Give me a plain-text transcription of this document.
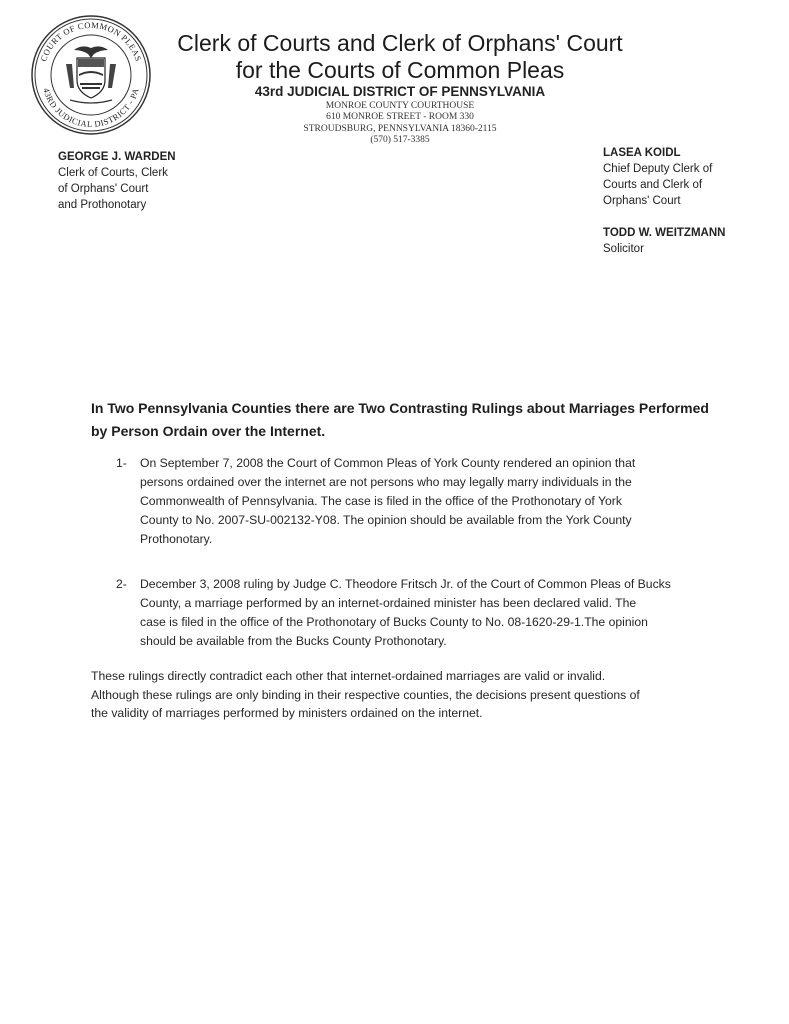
COURT OF COMMON PLEAS
43RD JUDICIAL DISTRICT - PA
Clerk of Courts and Clerk of Orphans' Court
for the Courts of Common Pleas
43rd JUDICIAL DISTRICT OF PENNSYLVANIA
MONROE COUNTY COURTHOUSE
610 MONROE STREET - ROOM 330
STROUDSBURG, PENNSYLVANIA 18360-2115
(570) 517-3385
GEORGE J. WARDEN
Clerk of Courts, Clerk
of Orphans' Court
and Prothonotary
LASEA KOIDL
Chief Deputy Clerk of
Courts and Clerk of
Orphans' Court
TODD W. WEITZMANN
Solicitor
In Two Pennsylvania Counties there are Two Contrasting Rulings about Marriages Performed
by Person Ordain over the Internet.
1- On September 7, 2008 the Court of Common Pleas of York County rendered an opinion that
persons ordained over the internet are not persons who may legally marry individuals in the
Commonwealth of Pennsylvania. The case is filed in the office of the Prothonotary of York
County to No. 2007-SU-002132-Y08. The opinion should be available from the York County
Prothonotary.
2- December 3, 2008 ruling by Judge C. Theodore Fritsch Jr. of the Court of Common Pleas of Bucks
County, a marriage performed by an internet-ordained minister has been declared valid. The
case is filed in the office of the Prothonotary of Bucks County to No. 08-1620-29-1.The opinion
should be available from the Bucks County Prothonotary.
These rulings directly contradict each other that internet-ordained marriages are valid or invalid.
Although these rulings are only binding in their respective counties, the decisions present questions of
the validity of marriages performed by ministers ordained on the internet.
